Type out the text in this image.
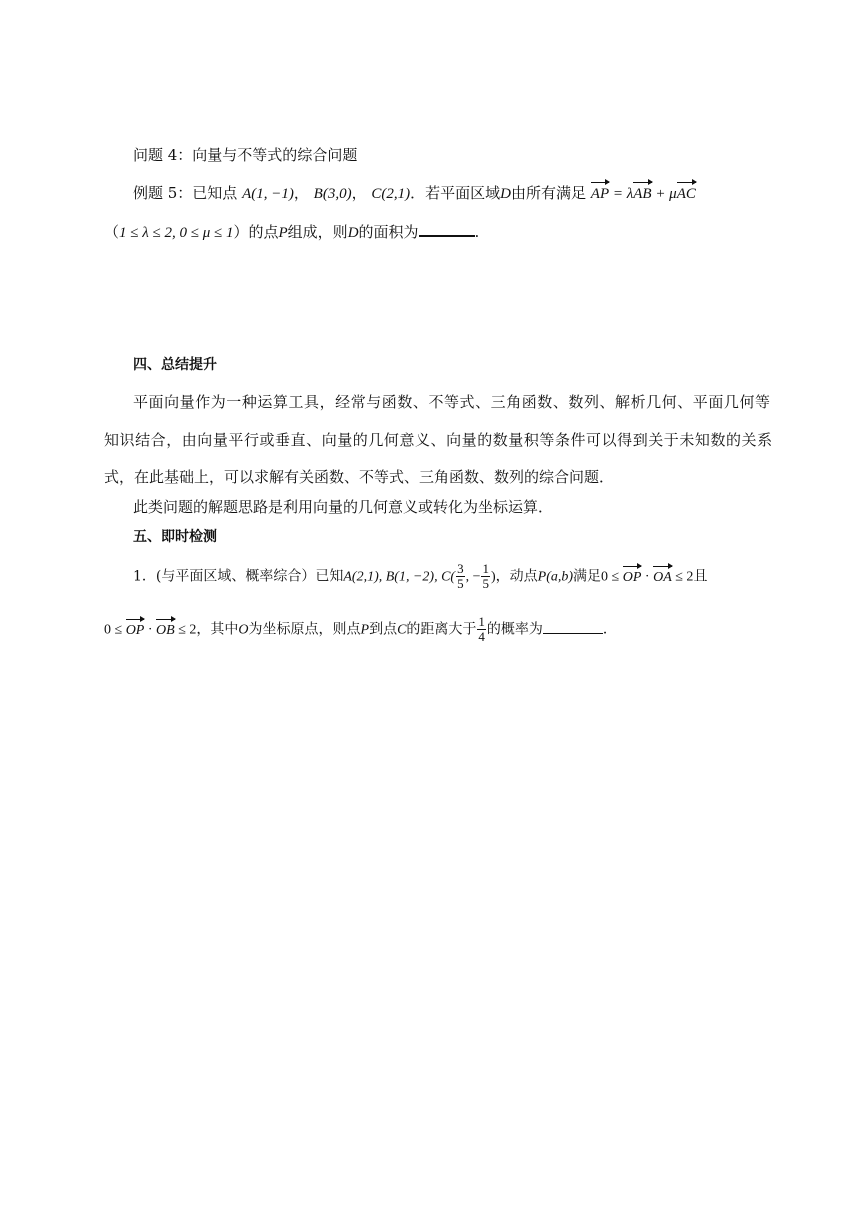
问题 4：向量与不等式的综合问题
例题 5：已知点 A(1, −1)， B(3,0)， C(2,1)．若平面区域D由所有满足 AP = λAB + μAC
（1 ≤ λ ≤ 2, 0 ≤ μ ≤ 1）的点P组成，则D的面积为	.
四、总结提升
平面向量作为一种运算工具，经常与函数、不等式、三角函数、数列、解析几何、平面几何等
知识结合，由向量平行或垂直、向量的几何意义、向量的数量积等条件可以得到关于未知数的关系
式，在此基础上，可以求解有关函数、不等式、三角函数、数列的综合问题．
此类问题的解题思路是利用向量的几何意义或转化为坐标运算．
五、即时检测
1．(与平面区域、概率综合）已知A(2,1), B(1, −2), $C( \frac{3}{5}$ , − $\frac{1}{5}$ )，动点P(a,b)满足0 ≤ OP · OA ≤ 2且
0 ≤ OP · OB ≤ 2，其中O为坐标原点，则点P到点C的距离大于 $\frac{1}{4}$ 的概率为	．
